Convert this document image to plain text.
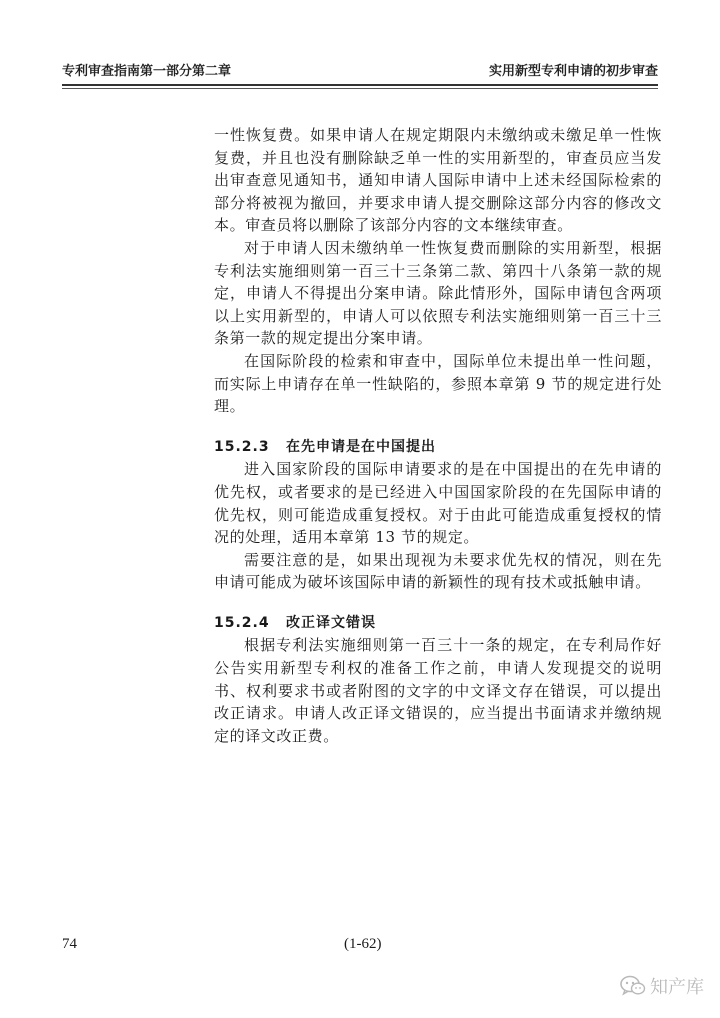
专利审查指南第一部分第二章	实用新型专利申请的初步审查

一性恢复费。如果申请人在规定期限内未缴纳或未缴足单一性恢复费，并且也没有删除缺乏单一性的实用新型的，审查员应当发出审查意见通知书，通知申请人国际申请中上述未经国际检索的部分将被视为撤回，并要求申请人提交删除这部分内容的修改文本。审查员将以删除了该部分内容的文本继续审查。

对于申请人因未缴纳单一性恢复费而删除的实用新型，根据专利法实施细则第一百三十三条第二款、第四十八条第一款的规定，申请人不得提出分案申请。除此情形外，国际申请包含两项以上实用新型的，申请人可以依照专利法实施细则第一百三十三条第一款的规定提出分案申请。

在国际阶段的检索和审查中，国际单位未提出单一性问题，而实际上申请存在单一性缺陷的，参照本章第 9 节的规定进行处理。

15.2.3 在先申请是在中国提出

进入国家阶段的国际申请要求的是在中国提出的在先申请的优先权，或者要求的是已经进入中国国家阶段的在先国际申请的优先权，则可能造成重复授权。对于由此可能造成重复授权的情况的处理，适用本章第 13 节的规定。

需要注意的是，如果出现视为未要求优先权的情况，则在先申请可能成为破坏该国际申请的新颖性的现有技术或抵触申请。

15.2.4 改正译文错误

根据专利法实施细则第一百三十一条的规定，在专利局作好公告实用新型专利权的准备工作之前，申请人发现提交的说明书、权利要求书或者附图的文字的中文译文存在错误，可以提出改正请求。申请人改正译文错误的，应当提出书面请求并缴纳规定的译文改正费。

74	(1-62)
知产库
